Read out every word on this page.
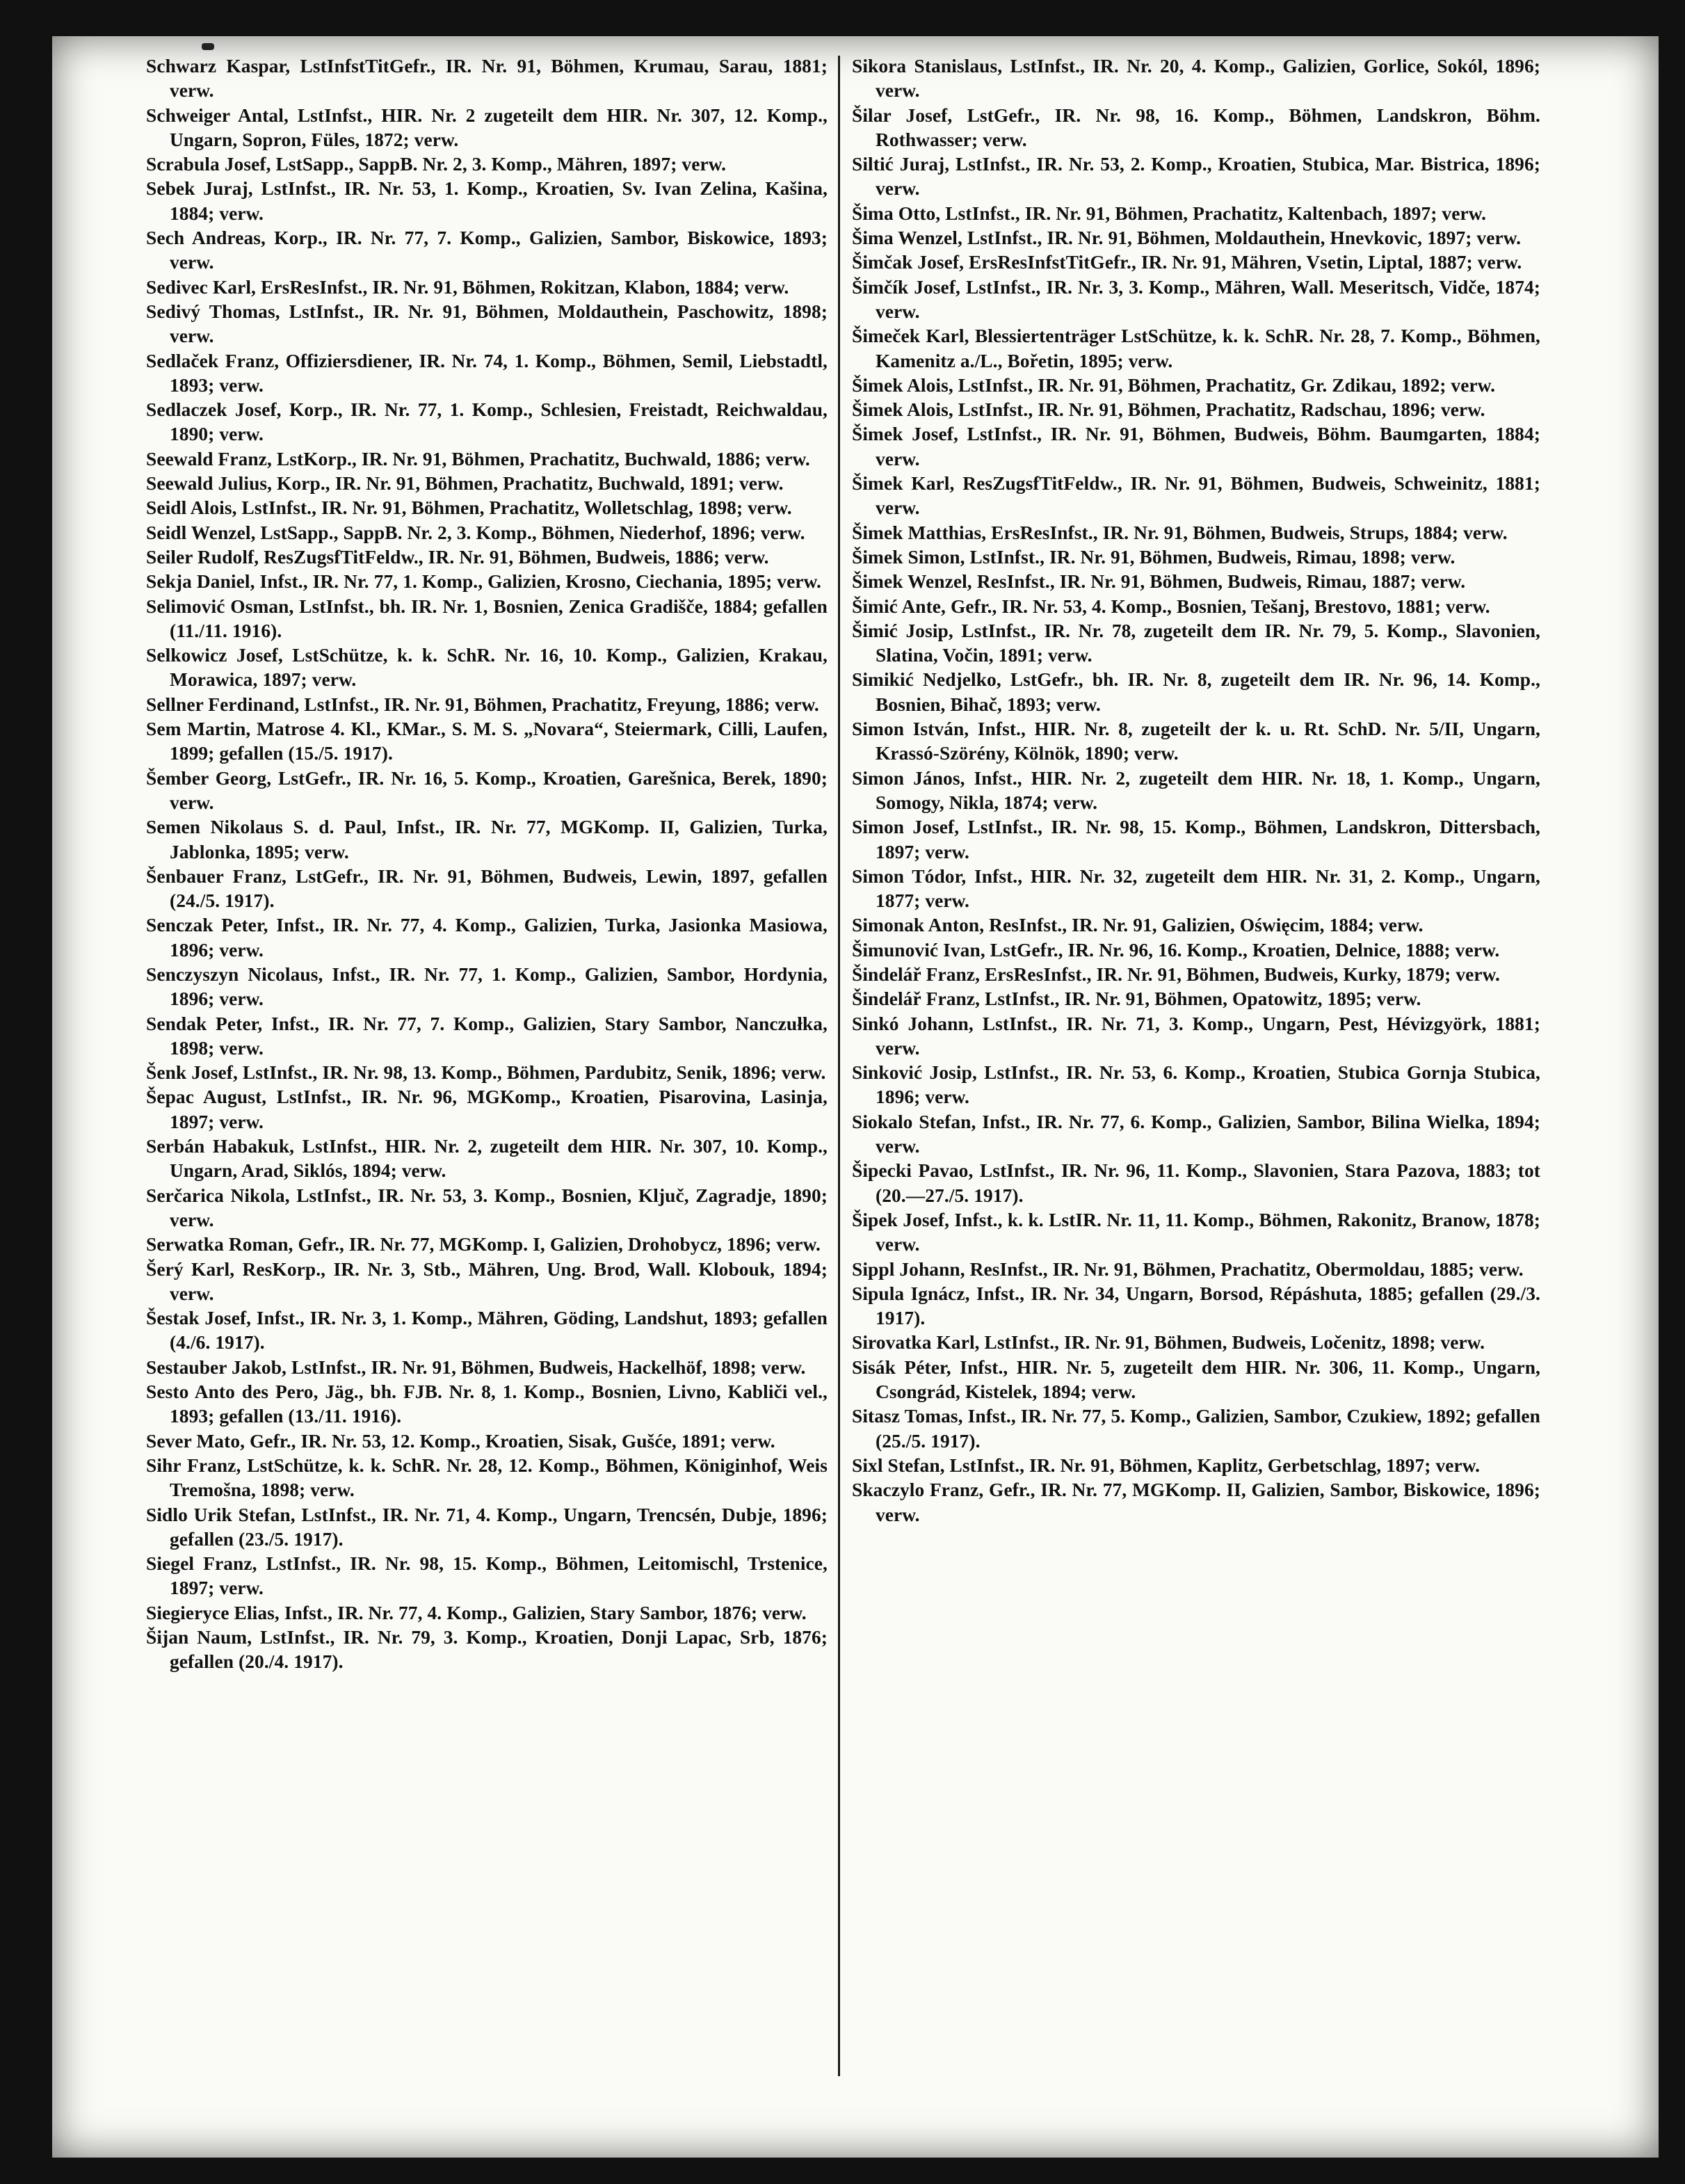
Schwarz Kaspar, LstInfstTitGefr., IR. Nr. 91, Böhmen, Krumau, Sarau, 1881; verw.

Schweiger Antal, LstInfst., HIR. Nr. 2 zugeteilt dem HIR. Nr. 307, 12. Komp., Ungarn, Sopron, Füles, 1872; verw.

Scrabula Josef, LstSapp., SappB. Nr. 2, 3. Komp., Mähren, 1897; verw.

Sebek Juraj, LstInfst., IR. Nr. 53, 1. Komp., Kroatien, Sv. Ivan Zelina, Kašina, 1884; verw.

Sech Andreas, Korp., IR. Nr. 77, 7. Komp., Galizien, Sambor, Biskowice, 1893; verw.

Sedivec Karl, ErsResInfst., IR. Nr. 91, Böhmen, Rokitzan, Klabon, 1884; verw.

Sedivý Thomas, LstInfst., IR. Nr. 91, Böhmen, Moldauthein, Paschowitz, 1898; verw.

Sedlaček Franz, Offiziersdiener, IR. Nr. 74, 1. Komp., Böhmen, Semil, Liebstadtl, 1893; verw.

Sedlaczek Josef, Korp., IR. Nr. 77, 1. Komp., Schlesien, Freistadt, Reichwaldau, 1890; verw.

Seewald Franz, LstKorp., IR. Nr. 91, Böhmen, Prachatitz, Buchwald, 1886; verw.

Seewald Julius, Korp., IR. Nr. 91, Böhmen, Prachatitz, Buchwald, 1891; verw.

Seidl Alois, LstInfst., IR. Nr. 91, Böhmen, Prachatitz, Wolletschlag, 1898; verw.

Seidl Wenzel, LstSapp., SappB. Nr. 2, 3. Komp., Böhmen, Niederhof, 1896; verw.

Seiler Rudolf, ResZugsfTitFeldw., IR. Nr. 91, Böhmen, Budweis, 1886; verw.

Sekja Daniel, Infst., IR. Nr. 77, 1. Komp., Galizien, Krosno, Ciechania, 1895; verw.

Selimović Osman, LstInfst., bh. IR. Nr. 1, Bosnien, Zenica Gradišče, 1884; gefallen (11./11. 1916).

Selkowicz Josef, LstSchütze, k. k. SchR. Nr. 16, 10. Komp., Galizien, Krakau, Morawica, 1897; verw.

Sellner Ferdinand, LstInfst., IR. Nr. 91, Böhmen, Prachatitz, Freyung, 1886; verw.

Sem Martin, Matrose 4. Kl., KMar., S. M. S. „Novara“, Steiermark, Cilli, Laufen, 1899; gefallen (15./5. 1917).

Šember Georg, LstGefr., IR. Nr. 16, 5. Komp., Kroatien, Garešnica, Berek, 1890; verw.

Semen Nikolaus S. d. Paul, Infst., IR. Nr. 77, MGKomp. II, Galizien, Turka, Jablonka, 1895; verw.

Šenbauer Franz, LstGefr., IR. Nr. 91, Böhmen, Budweis, Lewin, 1897, gefallen (24./5. 1917).

Senczak Peter, Infst., IR. Nr. 77, 4. Komp., Galizien, Turka, Jasionka Masiowa, 1896; verw.

Senczyszyn Nicolaus, Infst., IR. Nr. 77, 1. Komp., Galizien, Sambor, Hordynia, 1896; verw.

Sendak Peter, Infst., IR. Nr. 77, 7. Komp., Galizien, Stary Sambor, Nanczułka, 1898; verw.

Šenk Josef, LstInfst., IR. Nr. 98, 13. Komp., Böhmen, Pardubitz, Senik, 1896; verw.

Šepac August, LstInfst., IR. Nr. 96, MGKomp., Kroatien, Pisarovina, Lasinja, 1897; verw.

Serbán Habakuk, LstInfst., HIR. Nr. 2, zugeteilt dem HIR. Nr. 307, 10. Komp., Ungarn, Arad, Siklós, 1894; verw.

Serčarica Nikola, LstInfst., IR. Nr. 53, 3. Komp., Bosnien, Ključ, Zagradje, 1890; verw.

Serwatka Roman, Gefr., IR. Nr. 77, MGKomp. I, Galizien, Drohobycz, 1896; verw.

Šerý Karl, ResKorp., IR. Nr. 3, Stb., Mähren, Ung. Brod, Wall. Klobouk, 1894; verw.

Šestak Josef, Infst., IR. Nr. 3, 1. Komp., Mähren, Göding, Landshut, 1893; gefallen (4./6. 1917).

Sestauber Jakob, LstInfst., IR. Nr. 91, Böhmen, Budweis, Hackelhöf, 1898; verw.

Sesto Anto des Pero, Jäg., bh. FJB. Nr. 8, 1. Komp., Bosnien, Livno, Kabliči vel., 1893; gefallen (13./11. 1916).

Sever Mato, Gefr., IR. Nr. 53, 12. Komp., Kroatien, Sisak, Gušće, 1891; verw.

Sihr Franz, LstSchütze, k. k. SchR. Nr. 28, 12. Komp., Böhmen, Königinhof, Weis Tremošna, 1898; verw.

Sidlo Urik Stefan, LstInfst., IR. Nr. 71, 4. Komp., Ungarn, Trencsén, Dubje, 1896; gefallen (23./5. 1917).

Siegel Franz, LstInfst., IR. Nr. 98, 15. Komp., Böhmen, Leitomischl, Trstenice, 1897; verw.

Siegieryce Elias, Infst., IR. Nr. 77, 4. Komp., Galizien, Stary Sambor, 1876; verw.

Šijan Naum, LstInfst., IR. Nr. 79, 3. Komp., Kroatien, Donji Lapac, Srb, 1876; gefallen (20./4. 1917).

Sikora Stanislaus, LstInfst., IR. Nr. 20, 4. Komp., Galizien, Gorlice, Sokól, 1896; verw.

Šilar Josef, LstGefr., IR. Nr. 98, 16. Komp., Böhmen, Landskron, Böhm. Rothwasser; verw.

Siltić Juraj, LstInfst., IR. Nr. 53, 2. Komp., Kroatien, Stubica, Mar. Bistrica, 1896; verw.

Šima Otto, LstInfst., IR. Nr. 91, Böhmen, Prachatitz, Kaltenbach, 1897; verw.

Šima Wenzel, LstInfst., IR. Nr. 91, Böhmen, Moldauthein, Hnevkovic, 1897; verw.

Šimčak Josef, ErsResInfstTitGefr., IR. Nr. 91, Mähren, Vsetin, Liptal, 1887; verw.

Šimčík Josef, LstInfst., IR. Nr. 3, 3. Komp., Mähren, Wall. Meseritsch, Vidče, 1874; verw.

Šimeček Karl, Blessiertenträger LstSchütze, k. k. SchR. Nr. 28, 7. Komp., Böhmen, Kamenitz a./L., Bořetin, 1895; verw.

Šimek Alois, LstInfst., IR. Nr. 91, Böhmen, Prachatitz, Gr. Zdikau, 1892; verw.

Šimek Alois, LstInfst., IR. Nr. 91, Böhmen, Prachatitz, Radschau, 1896; verw.

Šimek Josef, LstInfst., IR. Nr. 91, Böhmen, Budweis, Böhm. Baumgarten, 1884; verw.

Šimek Karl, ResZugsfTitFeldw., IR. Nr. 91, Böhmen, Budweis, Schweinitz, 1881; verw.

Šimek Matthias, ErsResInfst., IR. Nr. 91, Böhmen, Budweis, Strups, 1884; verw.

Šimek Simon, LstInfst., IR. Nr. 91, Böhmen, Budweis, Rimau, 1898; verw.

Šimek Wenzel, ResInfst., IR. Nr. 91, Böhmen, Budweis, Rimau, 1887; verw.

Šimić Ante, Gefr., IR. Nr. 53, 4. Komp., Bosnien, Tešanj, Brestovo, 1881; verw.

Šimić Josip, LstInfst., IR. Nr. 78, zugeteilt dem IR. Nr. 79, 5. Komp., Slavonien, Slatina, Vočin, 1891; verw.

Simikić Nedjelko, LstGefr., bh. IR. Nr. 8, zugeteilt dem IR. Nr. 96, 14. Komp., Bosnien, Bihač, 1893; verw.

Simon István, Infst., HIR. Nr. 8, zugeteilt der k. u. Rt. SchD. Nr. 5/II, Ungarn, Krassó-Szörény, Kölnök, 1890; verw.

Simon János, Infst., HIR. Nr. 2, zugeteilt dem HIR. Nr. 18, 1. Komp., Ungarn, Somogy, Nikla, 1874; verw.

Simon Josef, LstInfst., IR. Nr. 98, 15. Komp., Böhmen, Landskron, Dittersbach, 1897; verw.

Simon Tódor, Infst., HIR. Nr. 32, zugeteilt dem HIR. Nr. 31, 2. Komp., Ungarn, 1877; verw.

Simonak Anton, ResInfst., IR. Nr. 91, Galizien, Oświęcim, 1884; verw.

Šimunović Ivan, LstGefr., IR. Nr. 96, 16. Komp., Kroatien, Delnice, 1888; verw.

Šindelář Franz, ErsResInfst., IR. Nr. 91, Böhmen, Budweis, Kurky, 1879; verw.

Šindelář Franz, LstInfst., IR. Nr. 91, Böhmen, Opatowitz, 1895; verw.

Sinkó Johann, LstInfst., IR. Nr. 71, 3. Komp., Ungarn, Pest, Hévizgyörk, 1881; verw.

Sinković Josip, LstInfst., IR. Nr. 53, 6. Komp., Kroatien, Stubica Gornja Stubica, 1896; verw.

Siokalo Stefan, Infst., IR. Nr. 77, 6. Komp., Galizien, Sambor, Bilina Wielka, 1894; verw.

Šipecki Pavao, LstInfst., IR. Nr. 96, 11. Komp., Slavonien, Stara Pazova, 1883; tot (20.—27./5. 1917).

Šipek Josef, Infst., k. k. LstIR. Nr. 11, 11. Komp., Böhmen, Rakonitz, Branow, 1878; verw.

Sippl Johann, ResInfst., IR. Nr. 91, Böhmen, Prachatitz, Obermoldau, 1885; verw.

Sipula Ignácz, Infst., IR. Nr. 34, Ungarn, Borsod, Répáshuta, 1885; gefallen (29./3. 1917).

Sirovatka Karl, LstInfst., IR. Nr. 91, Böhmen, Budweis, Ločenitz, 1898; verw.

Sisák Péter, Infst., HIR. Nr. 5, zugeteilt dem HIR. Nr. 306, 11. Komp., Ungarn, Csongrád, Kistelek, 1894; verw.

Sitasz Tomas, Infst., IR. Nr. 77, 5. Komp., Galizien, Sambor, Czukiew, 1892; gefallen (25./5. 1917).

Sixl Stefan, LstInfst., IR. Nr. 91, Böhmen, Kaplitz, Gerbetschlag, 1897; verw.

Skaczylo Franz, Gefr., IR. Nr. 77, MGKomp. II, Galizien, Sambor, Biskowice, 1896; verw.
